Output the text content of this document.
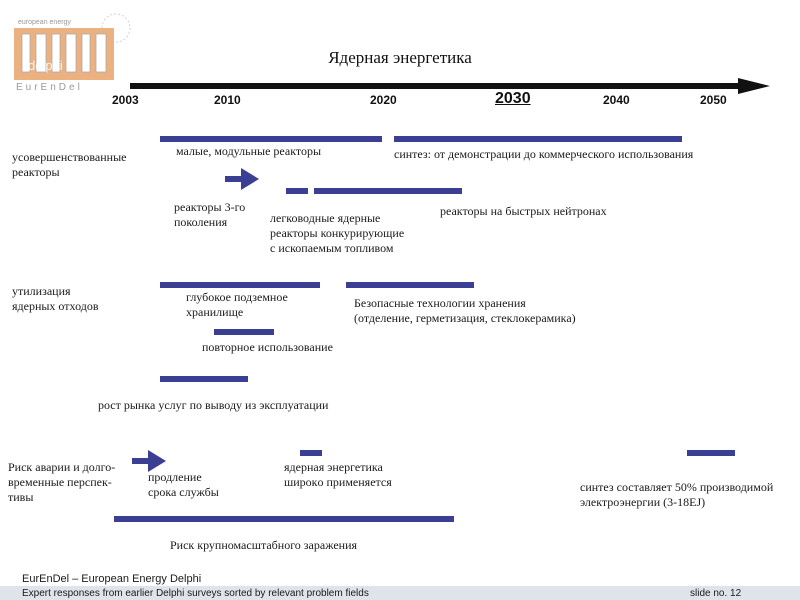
european energy
delphi
EurEnDel
Ядерная энергетика
2003	2010	2020	2030	2040	2050
усовершенствованные
реакторы
малые, модульные реакторы	синтез: от демонстрации до коммерческого использования
реакторы 3-го
поколения	легководные ядерные
реакторы конкурирующие
с ископаемым топливом
реакторы на быстрых нейтронах
утилизация
ядерных отходов
глубокое подземное
хранилище
Безопасные технологии хранения
(отделение, герметизация, стеклокерамика)
повторное использование
рост рынка услуг по выводу из эксплуатации
Риск аварии и долго-
временные перспек-
тивы
продление
срока службы
ядерная энергетика
широкo применяется	синтез составляет 50% производимой
электроэнергии (3-18EJ)
Риск крупномасштабного заражения
EurEnDel – European Energy Delphi
Expert responses from earlier Delphi surveys sorted by relevant problem fields	slide no. 12
